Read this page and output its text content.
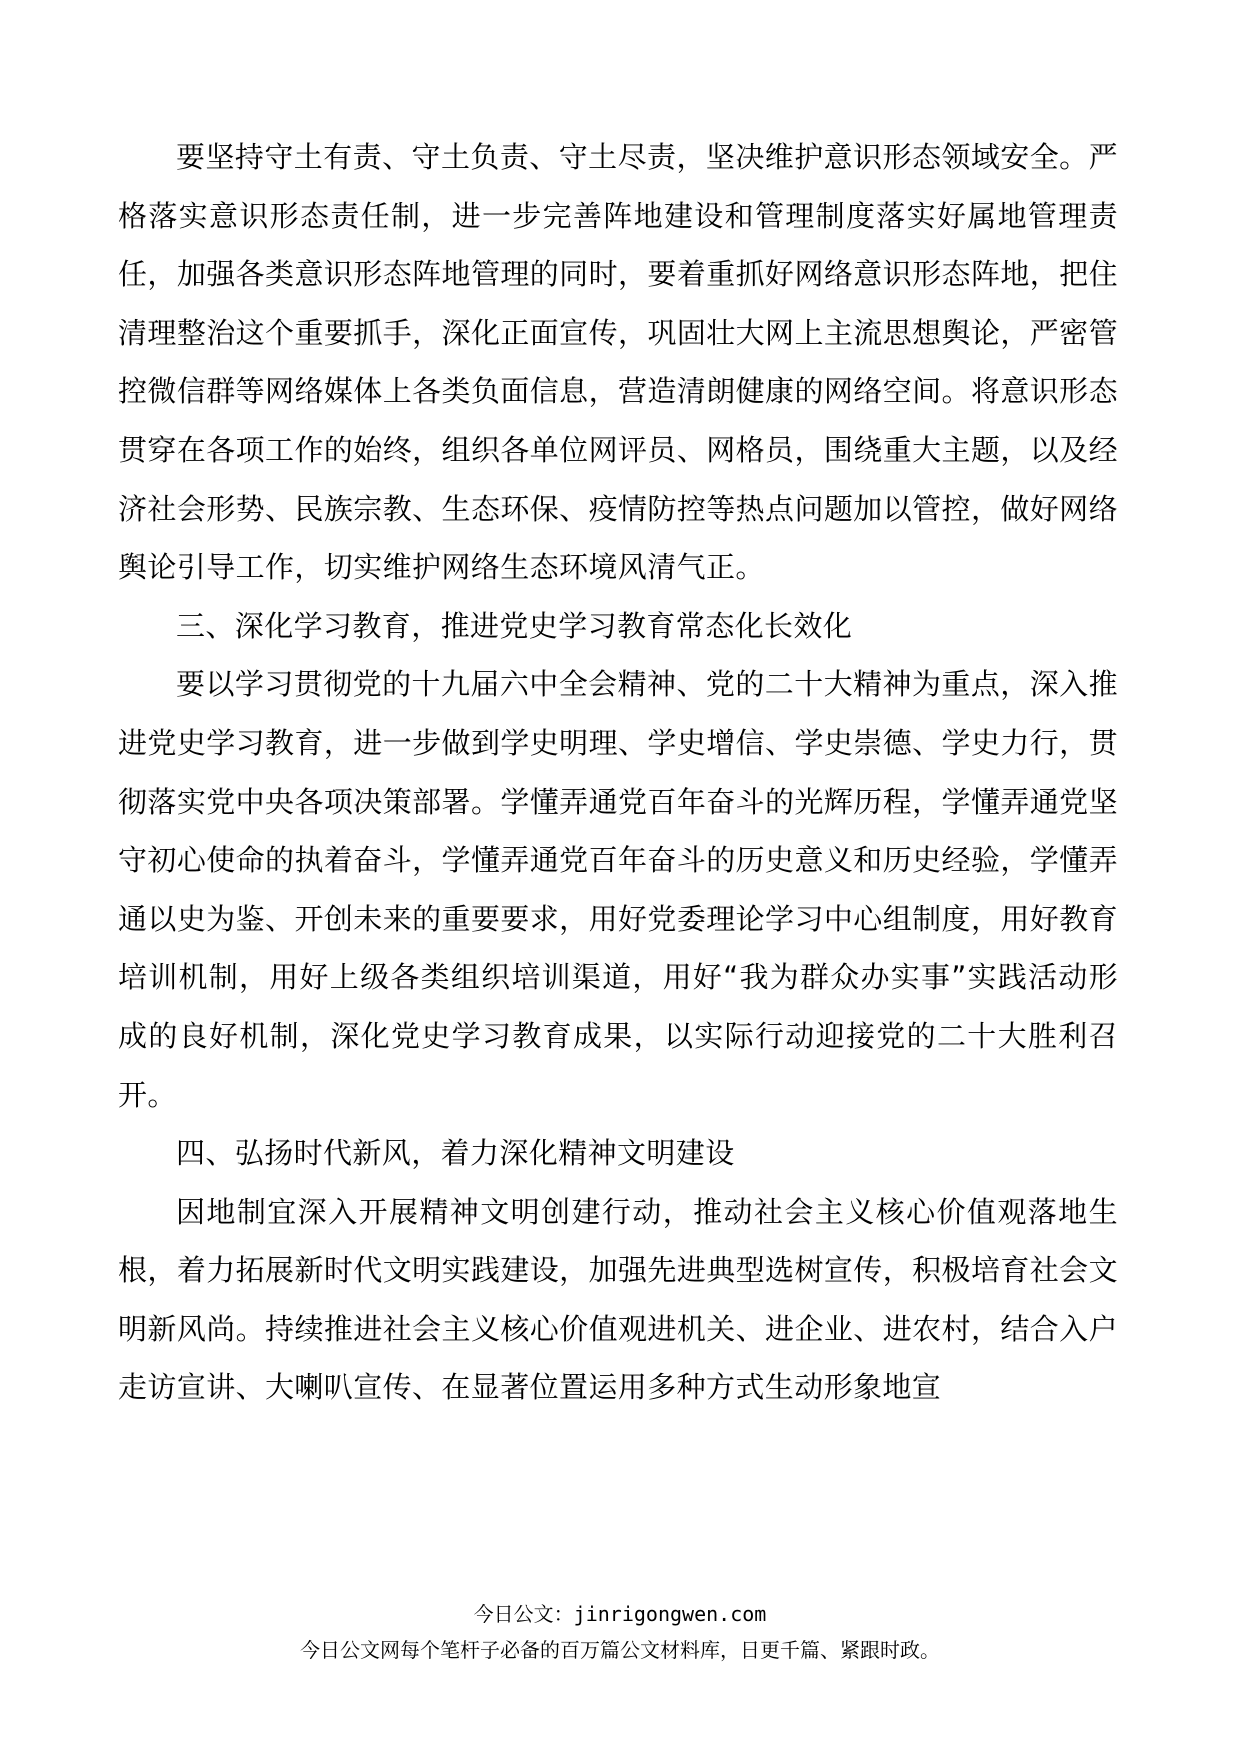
要坚持守土有责、守土负责、守土尽责，坚决维护意识形态领域安全。严格落实意识形态责任制，进一步完善阵地建设和管理制度落实好属地管理责任，加强各类意识形态阵地管理的同时，要着重抓好网络意识形态阵地，把住清理整治这个重要抓手，深化正面宣传，巩固壮大网上主流思想舆论，严密管控微信群等网络媒体上各类负面信息，营造清朗健康的网络空间。将意识形态贯穿在各项工作的始终，组织各单位网评员、网格员，围绕重大主题，以及经济社会形势、民族宗教、生态环保、疫情防控等热点问题加以管控，做好网络舆论引导工作，切实维护网络生态环境风清气正。

三、深化学习教育，推进党史学习教育常态化长效化

要以学习贯彻党的十九届六中全会精神、党的二十大精神为重点，深入推进党史学习教育，进一步做到学史明理、学史增信、学史崇德、学史力行，贯彻落实党中央各项决策部署。学懂弄通党百年奋斗的光辉历程，学懂弄通党坚守初心使命的执着奋斗，学懂弄通党百年奋斗的历史意义和历史经验，学懂弄通以史为鉴、开创未来的重要要求，用好党委理论学习中心组制度，用好教育培训机制，用好上级各类组织培训渠道，用好“我为群众办实事”实践活动形成的良好机制，深化党史学习教育成果，以实际行动迎接党的二十大胜利召开。

四、弘扬时代新风，着力深化精神文明建设

因地制宜深入开展精神文明创建行动，推动社会主义核心价值观落地生根，着力拓展新时代文明实践建设，加强先进典型选树宣传，积极培育社会文明新风尚。持续推进社会主义核心价值观进机关、进企业、进农村，结合入户走访宣讲、大喇叭宣传、在显著位置运用多种方式生动形象地宣

今日公文：jinrigongwen.com
今日公文网每个笔杆子必备的百万篇公文材料库，日更千篇、紧跟时政。
